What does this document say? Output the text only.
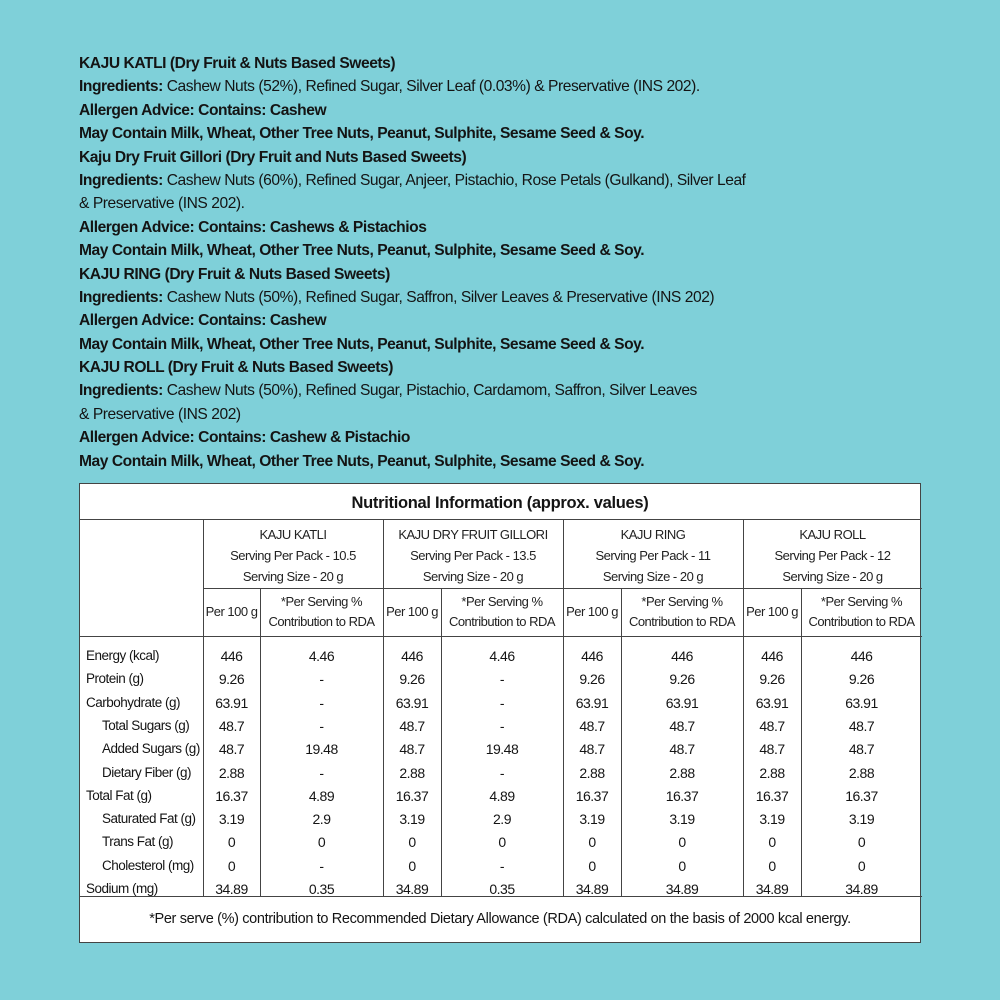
KAJU KATLI (Dry Fruit & Nuts Based Sweets)
Ingredients: Cashew Nuts (52%), Refined Sugar, Silver Leaf (0.03%) & Preservative (INS 202).
Allergen Advice: Contains: Cashew
May Contain Milk, Wheat, Other Tree Nuts, Peanut, Sulphite, Sesame Seed & Soy.
Kaju Dry Fruit Gillori (Dry Fruit and Nuts Based Sweets)
Ingredients: Cashew Nuts (60%), Refined Sugar, Anjeer, Pistachio, Rose Petals (Gulkand), Silver Leaf
& Preservative (INS 202).
Allergen Advice: Contains: Cashews & Pistachios
May Contain Milk, Wheat, Other Tree Nuts, Peanut, Sulphite, Sesame Seed & Soy.
KAJU RING (Dry Fruit & Nuts Based Sweets)
Ingredients: Cashew Nuts (50%), Refined Sugar, Saffron, Silver Leaves & Preservative (INS 202)
Allergen Advice: Contains: Cashew
May Contain Milk, Wheat, Other Tree Nuts, Peanut, Sulphite, Sesame Seed & Soy.
KAJU ROLL (Dry Fruit & Nuts Based Sweets)
Ingredients: Cashew Nuts (50%), Refined Sugar, Pistachio, Cardamom, Saffron, Silver Leaves
& Preservative (INS 202)
Allergen Advice: Contains: Cashew & Pistachio
May Contain Milk, Wheat, Other Tree Nuts, Peanut, Sulphite, Sesame Seed & Soy.
Nutritional Information (approx. values)
KAJU KATLI
Serving Per Pack - 10.5
Serving Size - 20 g
Per 100 g
*Per Serving %
Contribution to RDA
KAJU DRY FRUIT GILLORI
Serving Per Pack - 13.5
Serving Size - 20 g
Per 100 g
*Per Serving %
Contribution to RDA
KAJU RING
Serving Per Pack - 11
Serving Size - 20 g
Per 100 g
*Per Serving %
Contribution to RDA
KAJU ROLL
Serving Per Pack - 12
Serving Size - 20 g
Per 100 g
*Per Serving %
Contribution to RDA
Energy (kcal)	446	4.46	446	4.46	446	446	446	446
Protein (g)	9.26	-	9.26	-	9.26	9.26	9.26	9.26
Carbohydrate (g)	63.91	-	63.91	-	63.91	63.91	63.91	63.91
Total Sugars (g)	48.7	-	48.7	-	48.7	48.7	48.7	48.7
Added Sugars (g)	48.7	19.48	48.7	19.48	48.7	48.7	48.7	48.7
Dietary Fiber (g)	2.88	-	2.88	-	2.88	2.88	2.88	2.88
Total Fat (g)	16.37	4.89	16.37	4.89	16.37	16.37	16.37	16.37
Saturated Fat (g)	3.19	2.9	3.19	2.9	3.19	3.19	3.19	3.19
Trans Fat (g)	0	0	0	0	0	0	0	0
Cholesterol (mg)	0	-	0	-	0	0	0	0
Sodium (mg)	34.89	0.35	34.89	0.35	34.89	34.89	34.89	34.89
*Per serve (%) contribution to Recommended Dietary Allowance (RDA) calculated on the basis of 2000 kcal energy.
